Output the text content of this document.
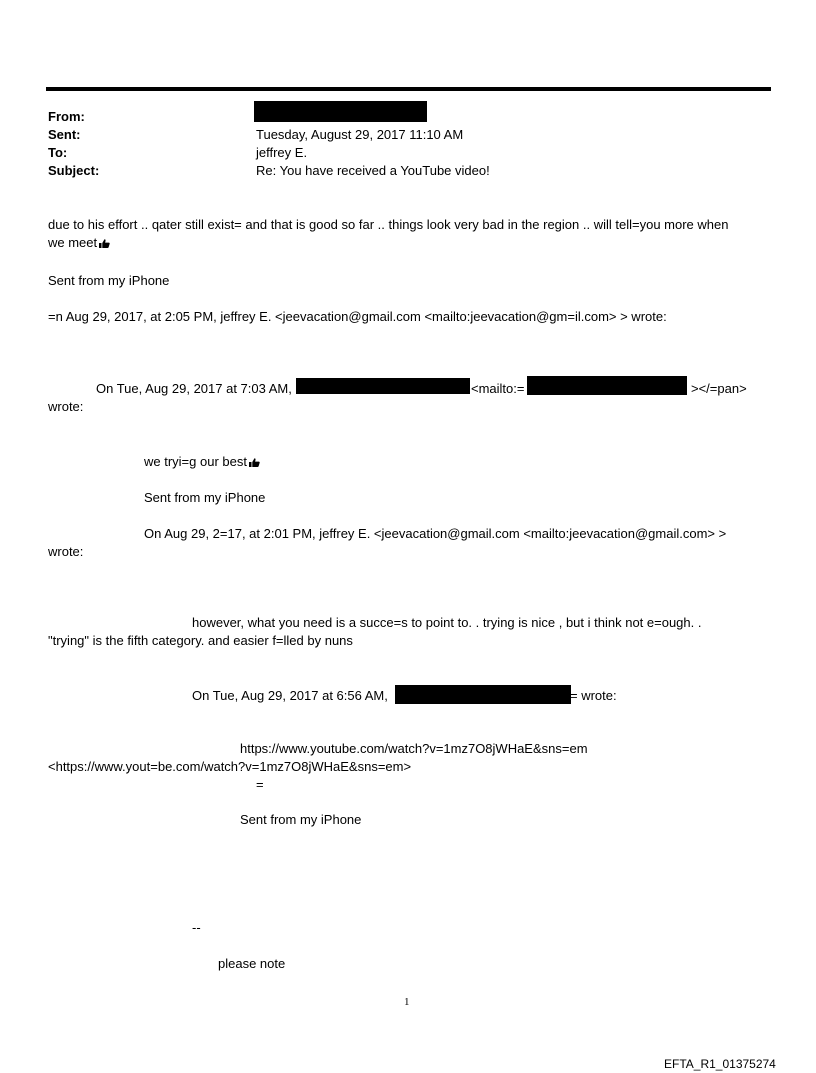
From:
Sent:	Tuesday, August 29, 2017 11:10 AM
To:	jeffrey E.
Subject:	Re: You have received a YouTube video!
due to his effort .. qater still exist= and that is good so far .. things look very bad in the region .. will tell=you more when
we meet
Sent from my iPhone
=n Aug 29, 2017, at 2:05 PM, jeffrey E. <jeevacation@gmail.com <mailto:jeevacation@gm=il.com> > wrote:
On Tue, Aug 29, 2017 at 7:03 AM,	<mailto:=	></=pan>
wrote:
we tryi=g our best
Sent from my iPhone
On Aug 29, 2=17, at 2:01 PM, jeffrey E. <jeevacation@gmail.com <mailto:jeevacation@gmail.com> >
wrote:
however, what you need is a succe=s to point to. . trying is nice , but i think not e=ough. .
"trying" is the fifth category. and easier f=lled by nuns
On Tue, Aug 29, 2017 at 6:56 AM,	= wrote:
https://www.youtube.com/watch?v=1mz7O8jWHaE&sns=em
<https://www.yout=be.com/watch?v=1mz7O8jWHaE&sns=em>
=
Sent from my iPhone
--
please note
1
EFTA_R1_01375274
